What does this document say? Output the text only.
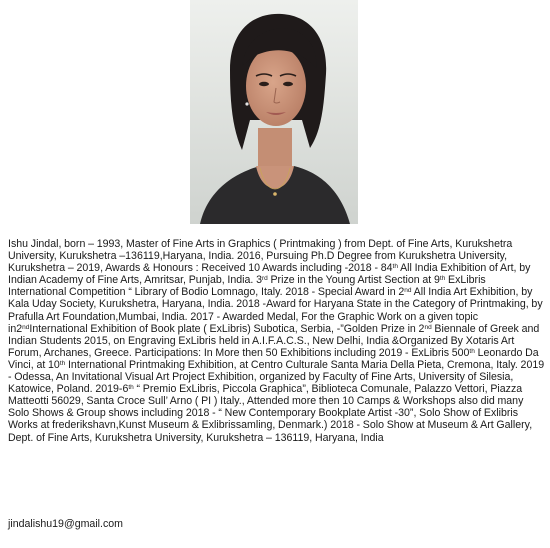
Ishu Jindal, born – 1993, Master of Fine Arts in Graphics ( Printmaking ) from Dept. of Fine Arts, Kurukshetra University, Kurukshetra –136119,Haryana, India. 2016, Pursuing Ph.D Degree from Kurukshetra University, Kurukshetra – 2019, Awards & Honours : Received 10 Awards including -2018 - 84th All India Exhibition of Art, by Indian Academy of Fine Arts, Amritsar, Punjab, India. 3rd Prize in the Young Artist Section at 9th ExLibris International Competition “ Library of Bodio Lomnago, Italy. 2018 - Special Award in 2nd All India Art Exhibition, by Kala Uday Society, Kurukshetra, Haryana, India. 2018 -Award for Haryana State in the Category of Printmaking, by Prafulla Art Foundation,Mumbai, India. 2017 - Awarded Medal, For the Graphic Work on a given topic in2ndInternational Exhibition of Book plate ( ExLibris) Subotica, Serbia, -”Golden Prize in 2nd Biennale of Greek and Indian Students 2015, on Engraving ExLibris held in A.I.F.A.C.S., New Delhi, India &Organized By Xotaris Art Forum, Archanes, Greece. Participations: In More then 50 Exhibitions including 2019 - ExLibris 500th Leonardo Da Vinci, at 10th International Printmaking Exhibition, at Centro Culturale Santa Maria Della Pieta, Cremona, Italy. 2019 - Odessa, An Invitational Visual Art Project Exhibition, organized by Faculty of Fine Arts, University of Silesia, Katowice, Poland. 2019-6th “ Premio ExLibris, Piccola Graphica”, Biblioteca Comunale, Palazzo Vettori, Piazza Matteotti 56029, Santa Croce Sull’ Arno ( PI ) Italy., Attended more then 10 Camps & Workshops also did many Solo Shows & Group shows including 2018 - “ New Contemporary Bookplate Artist -30”, Solo Show of Exlibris Works at frederikshavn,Kunst Museum & Exlibrissamling, Denmark.) 2018 - Solo Show at Museum & Art Gallery, Dept. of Fine Arts, Kurukshetra University, Kurukshetra – 136119, Haryana, India

jindalishu19@gmail.com
